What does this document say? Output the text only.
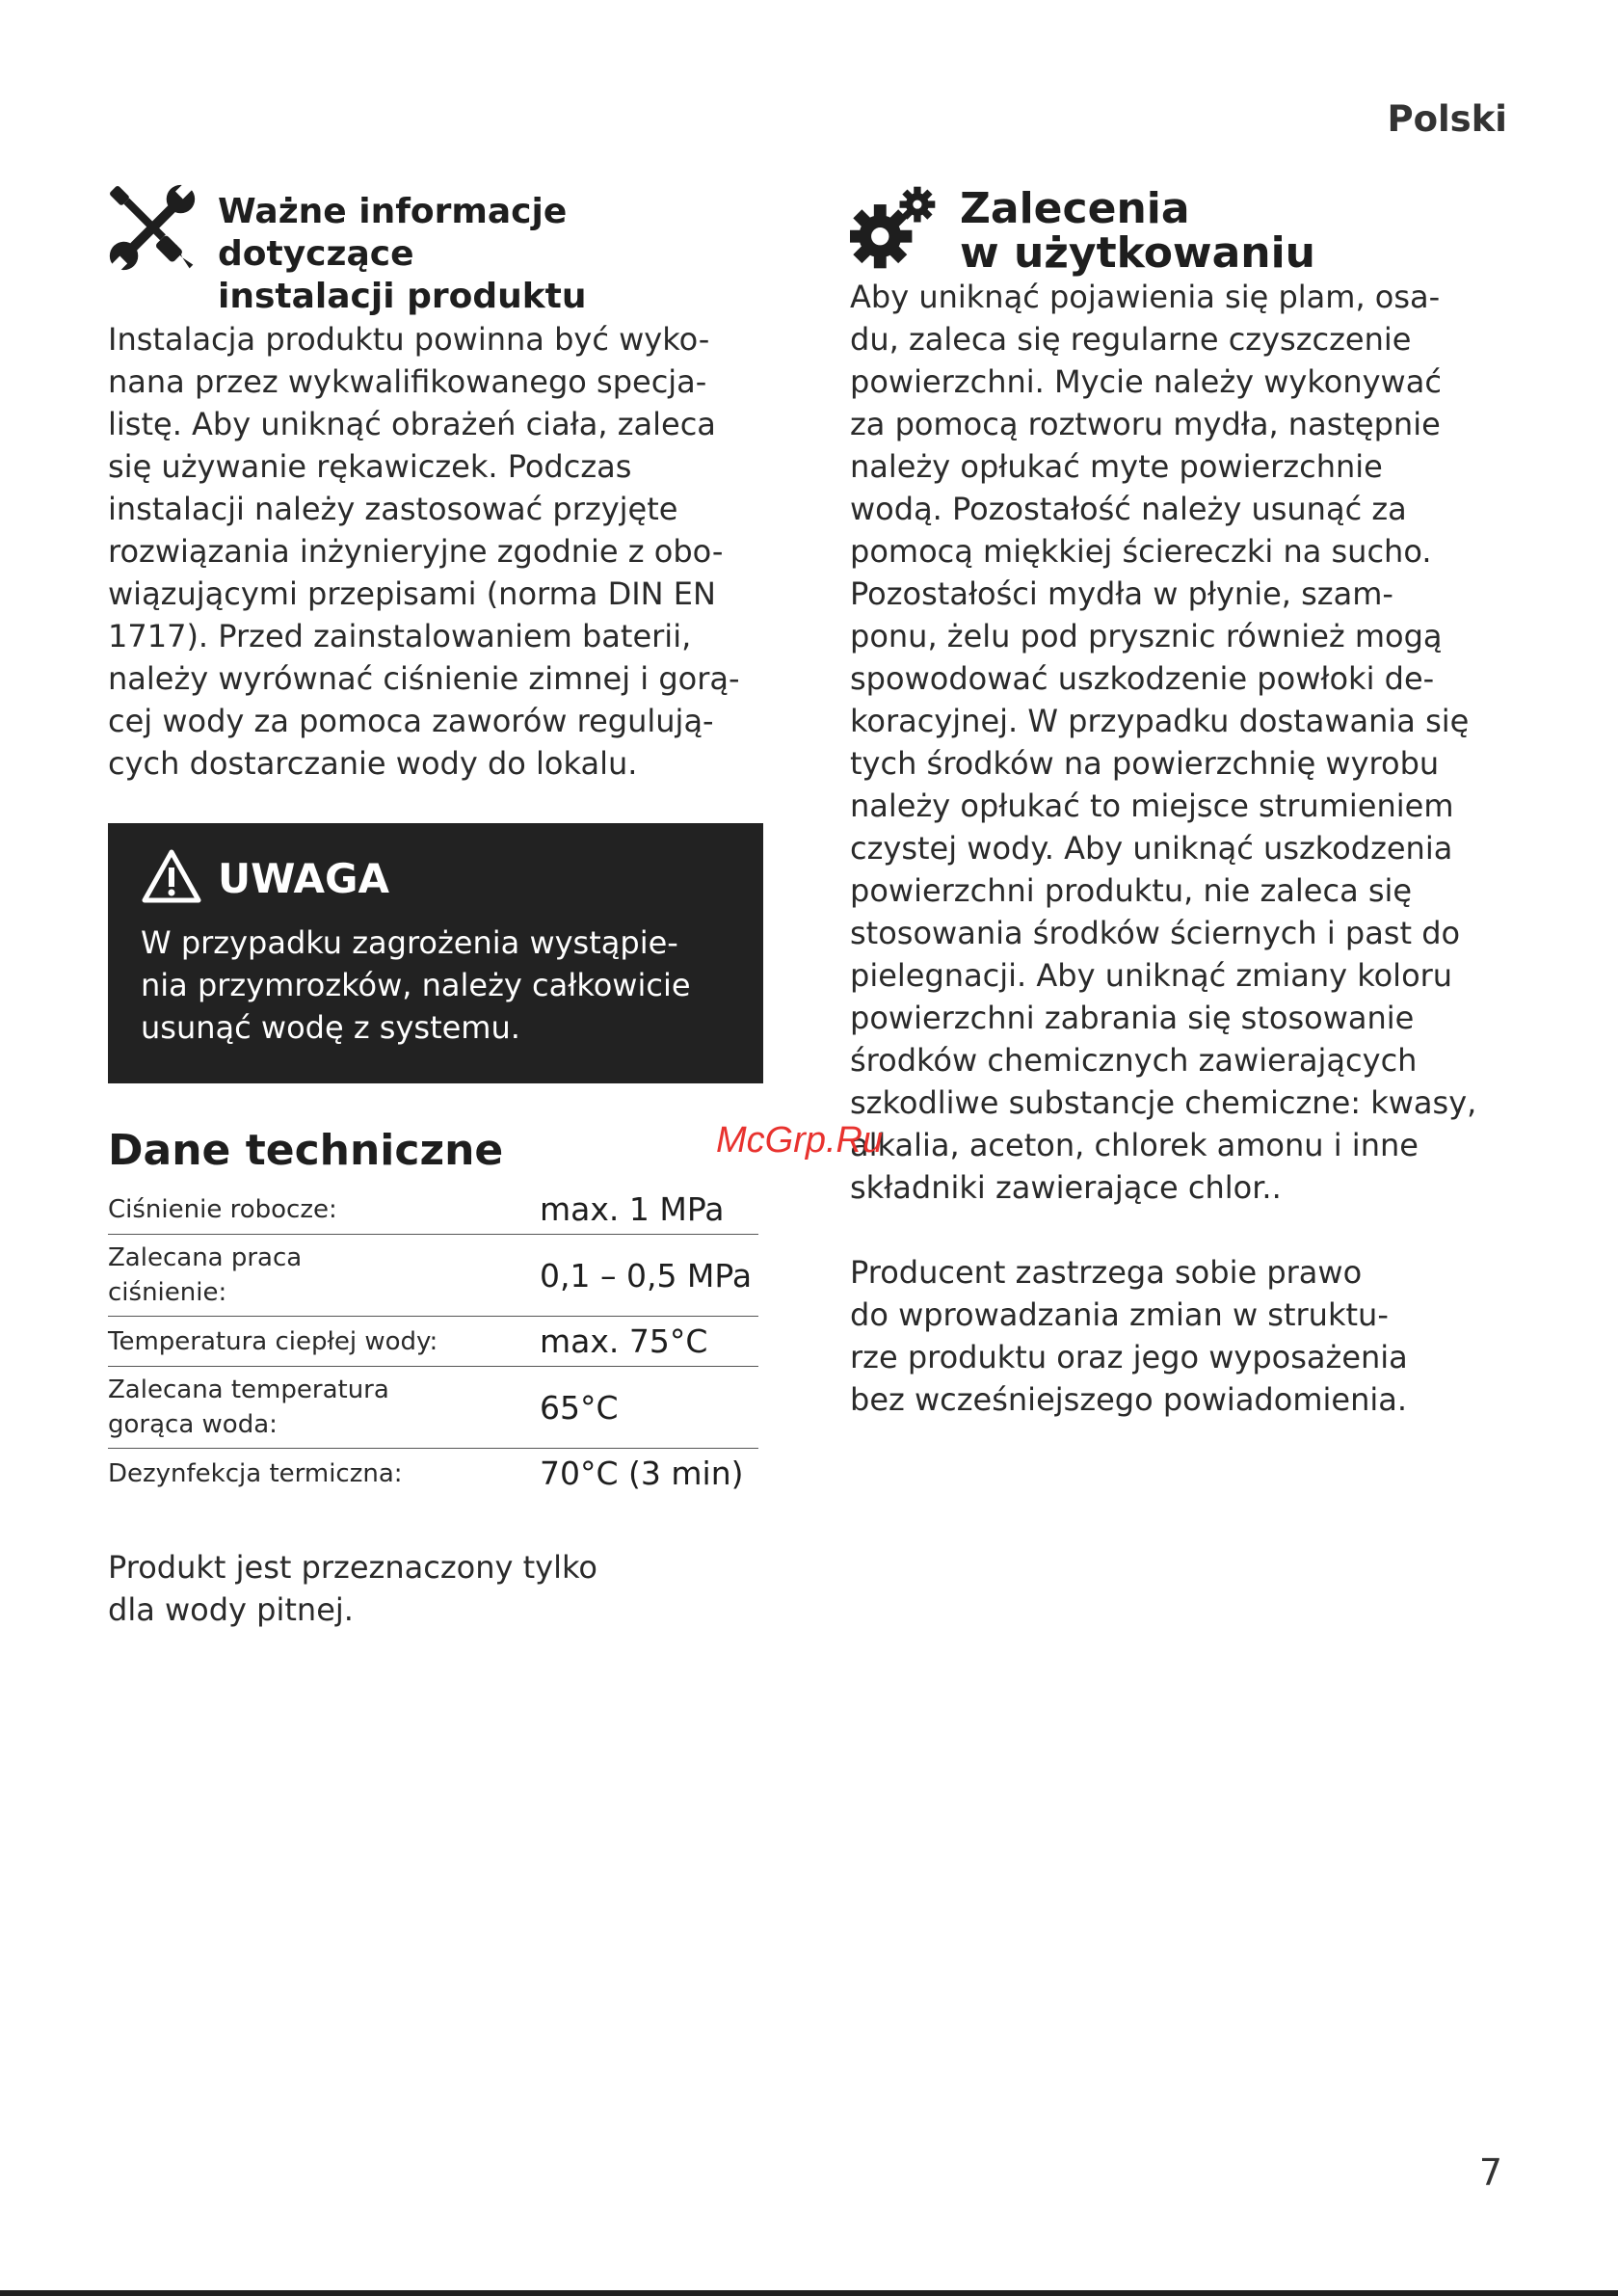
Polski
Ważne informacje dotyczące
instalacji produktu

Instalacja produktu powinna być wyko-
nana przez wykwalifikowanego specja-
listę. Aby uniknąć obrażeń ciała, zaleca
się używanie rękawiczek. Podczas
instalacji należy zastosować przyjęte
rozwiązania inżynieryjne zgodnie z obo-
wiązującymi przepisami (norma DIN EN
1717). Przed zainstalowaniem baterii,
należy wyrównać ciśnienie zimnej i gorą-
cej wody za pomoca zaworów regulują-
cych dostarczanie wody do lokalu.

UWAGA
W przypadku zagrożenia wystąpie-
nia przymrozków, należy całkowicie
usunąć wodę z systemu.
Dane techniczne
Ciśnienie robocze:	max. 1 MPa
Zalecana praca
ciśnienie:	0,1 – 0,5 MPa
Temperatura ciepłej wody:	max. 75°C
Zalecana temperatura
gorąca woda:	65°C
Dezynfekcja termiczna:	70°C (3 min)

Produkt jest przeznaczony tylko
dla wody pitnej.

Zalecenia
w użytkowaniu

Aby uniknąć pojawienia się plam, osa-
du, zaleca się regularne czyszczenie
powierzchni. Mycie należy wykonywać
za pomocą roztworu mydła, następnie
należy opłukać myte powierzchnie
wodą. Pozostałość należy usunąć za
pomocą miękkiej ściereczki na sucho.
Pozostałości mydła w płynie, szam-
ponu, żelu pod prysznic również mogą
spowodować uszkodzenie powłoki de-
koracyjnej. W przypadku dostawania się
tych środków na powierzchnię wyrobu
należy opłukać to miejsce strumieniem
czystej wody. Aby uniknąć uszkodzenia
powierzchni produktu, nie zaleca się
stosowania środków ściernych i past do
pielegnacji. Aby uniknąć zmiany koloru
powierzchni zabrania się stosowanie
środków chemicznych zawierających
szkodliwe substancje chemiczne: kwasy,
alkalia, aceton, chlorek amonu i inne
składniki zawierające chlor..

Producent zastrzega sobie prawo
do wprowadzania zmian w struktu-
rze produktu oraz jego wyposażenia
bez wcześniejszego powiadomienia.

McGrp.Ru
7
